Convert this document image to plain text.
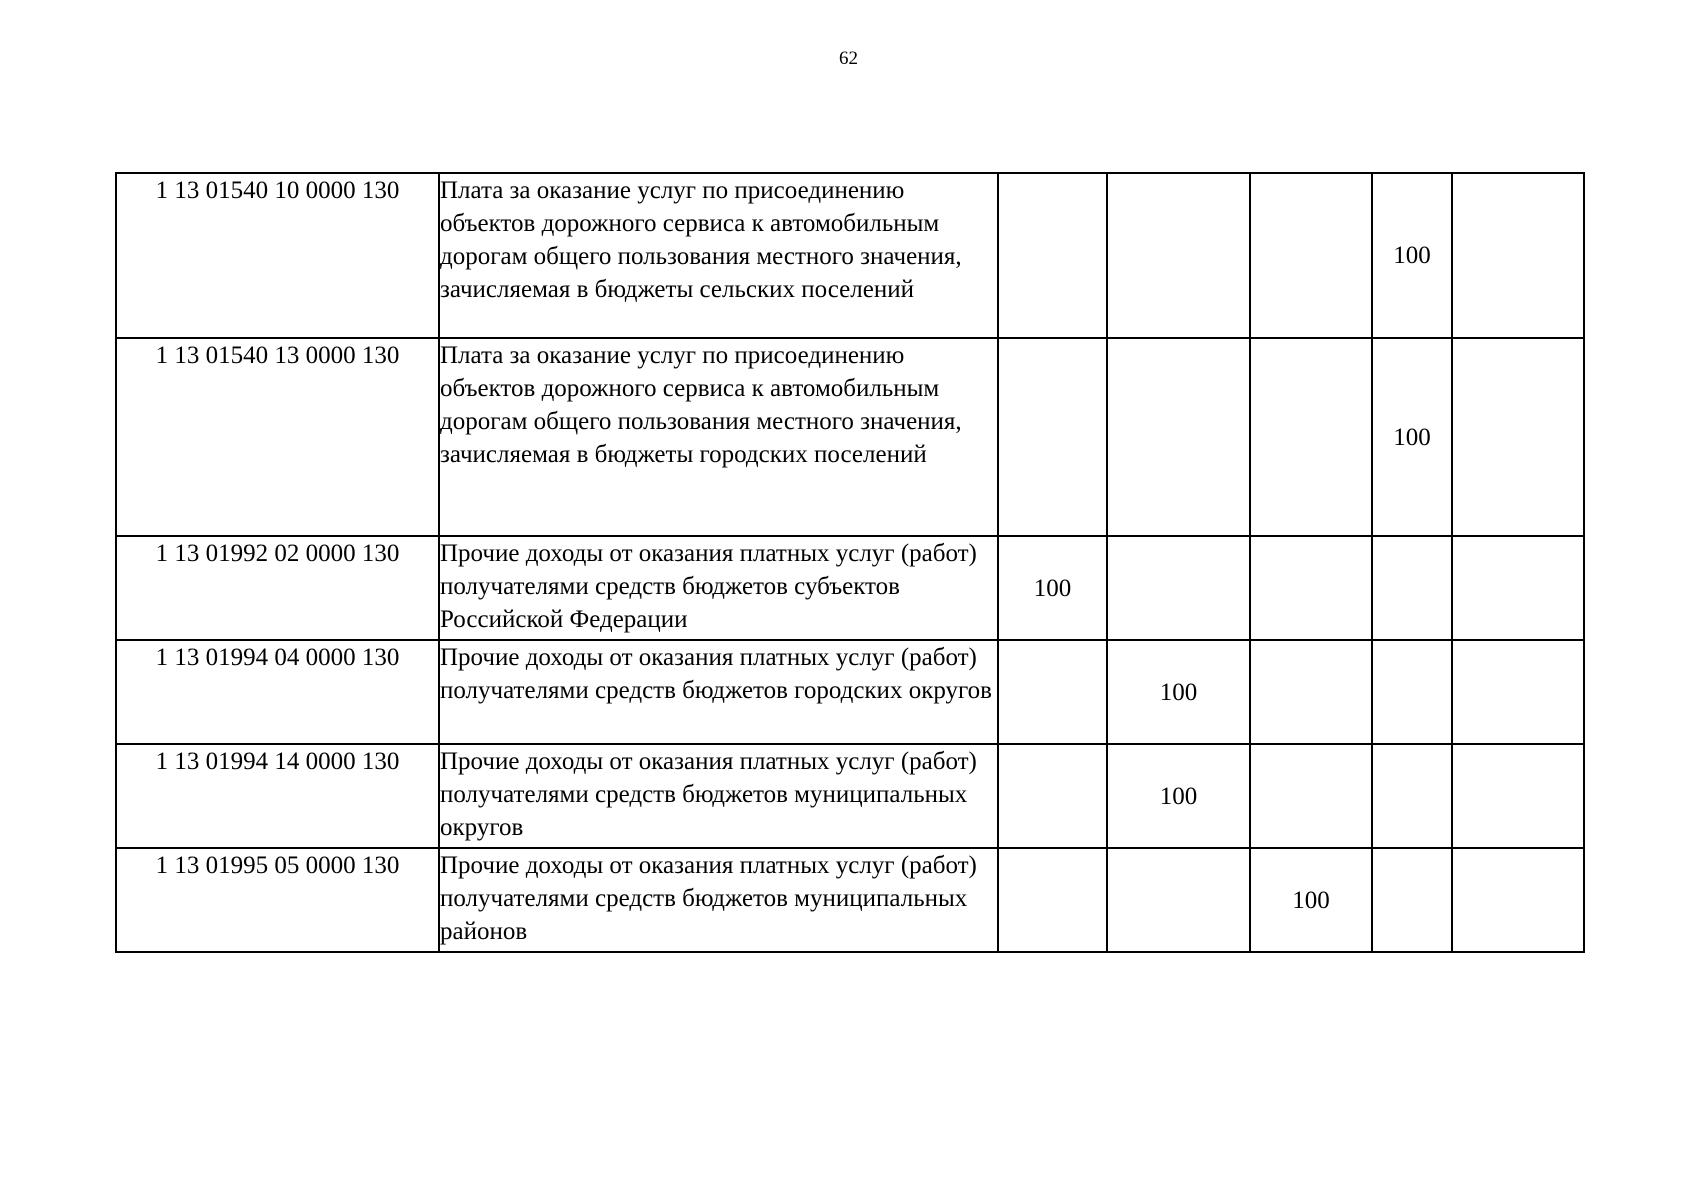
62
1 13 01540 10 0000 130	Плата за оказание услуг по присоединению объектов дорожного сервиса к автомобильным дорогам общего пользования местного значения, зачисляемая в бюджеты сельских поселений				100	
1 13 01540 13 0000 130	Плата за оказание услуг по присоединению объектов дорожного сервиса к автомобильным дорогам общего пользования местного значения, зачисляемая в бюджеты городских поселений				100	
1 13 01992 02 0000 130	Прочие доходы от оказания платных услуг (работ) получателями средств бюджетов субъектов Российской Федерации	100				
1 13 01994 04 0000 130	Прочие доходы от оказания платных услуг (работ) получателями средств бюджетов городских округов		100			
1 13 01994 14 0000 130	Прочие доходы от оказания платных услуг (работ) получателями средств бюджетов муниципальных округов		100			
1 13 01995 05 0000 130	Прочие доходы от оказания платных услуг (работ) получателями средств бюджетов муниципальных районов			100		
